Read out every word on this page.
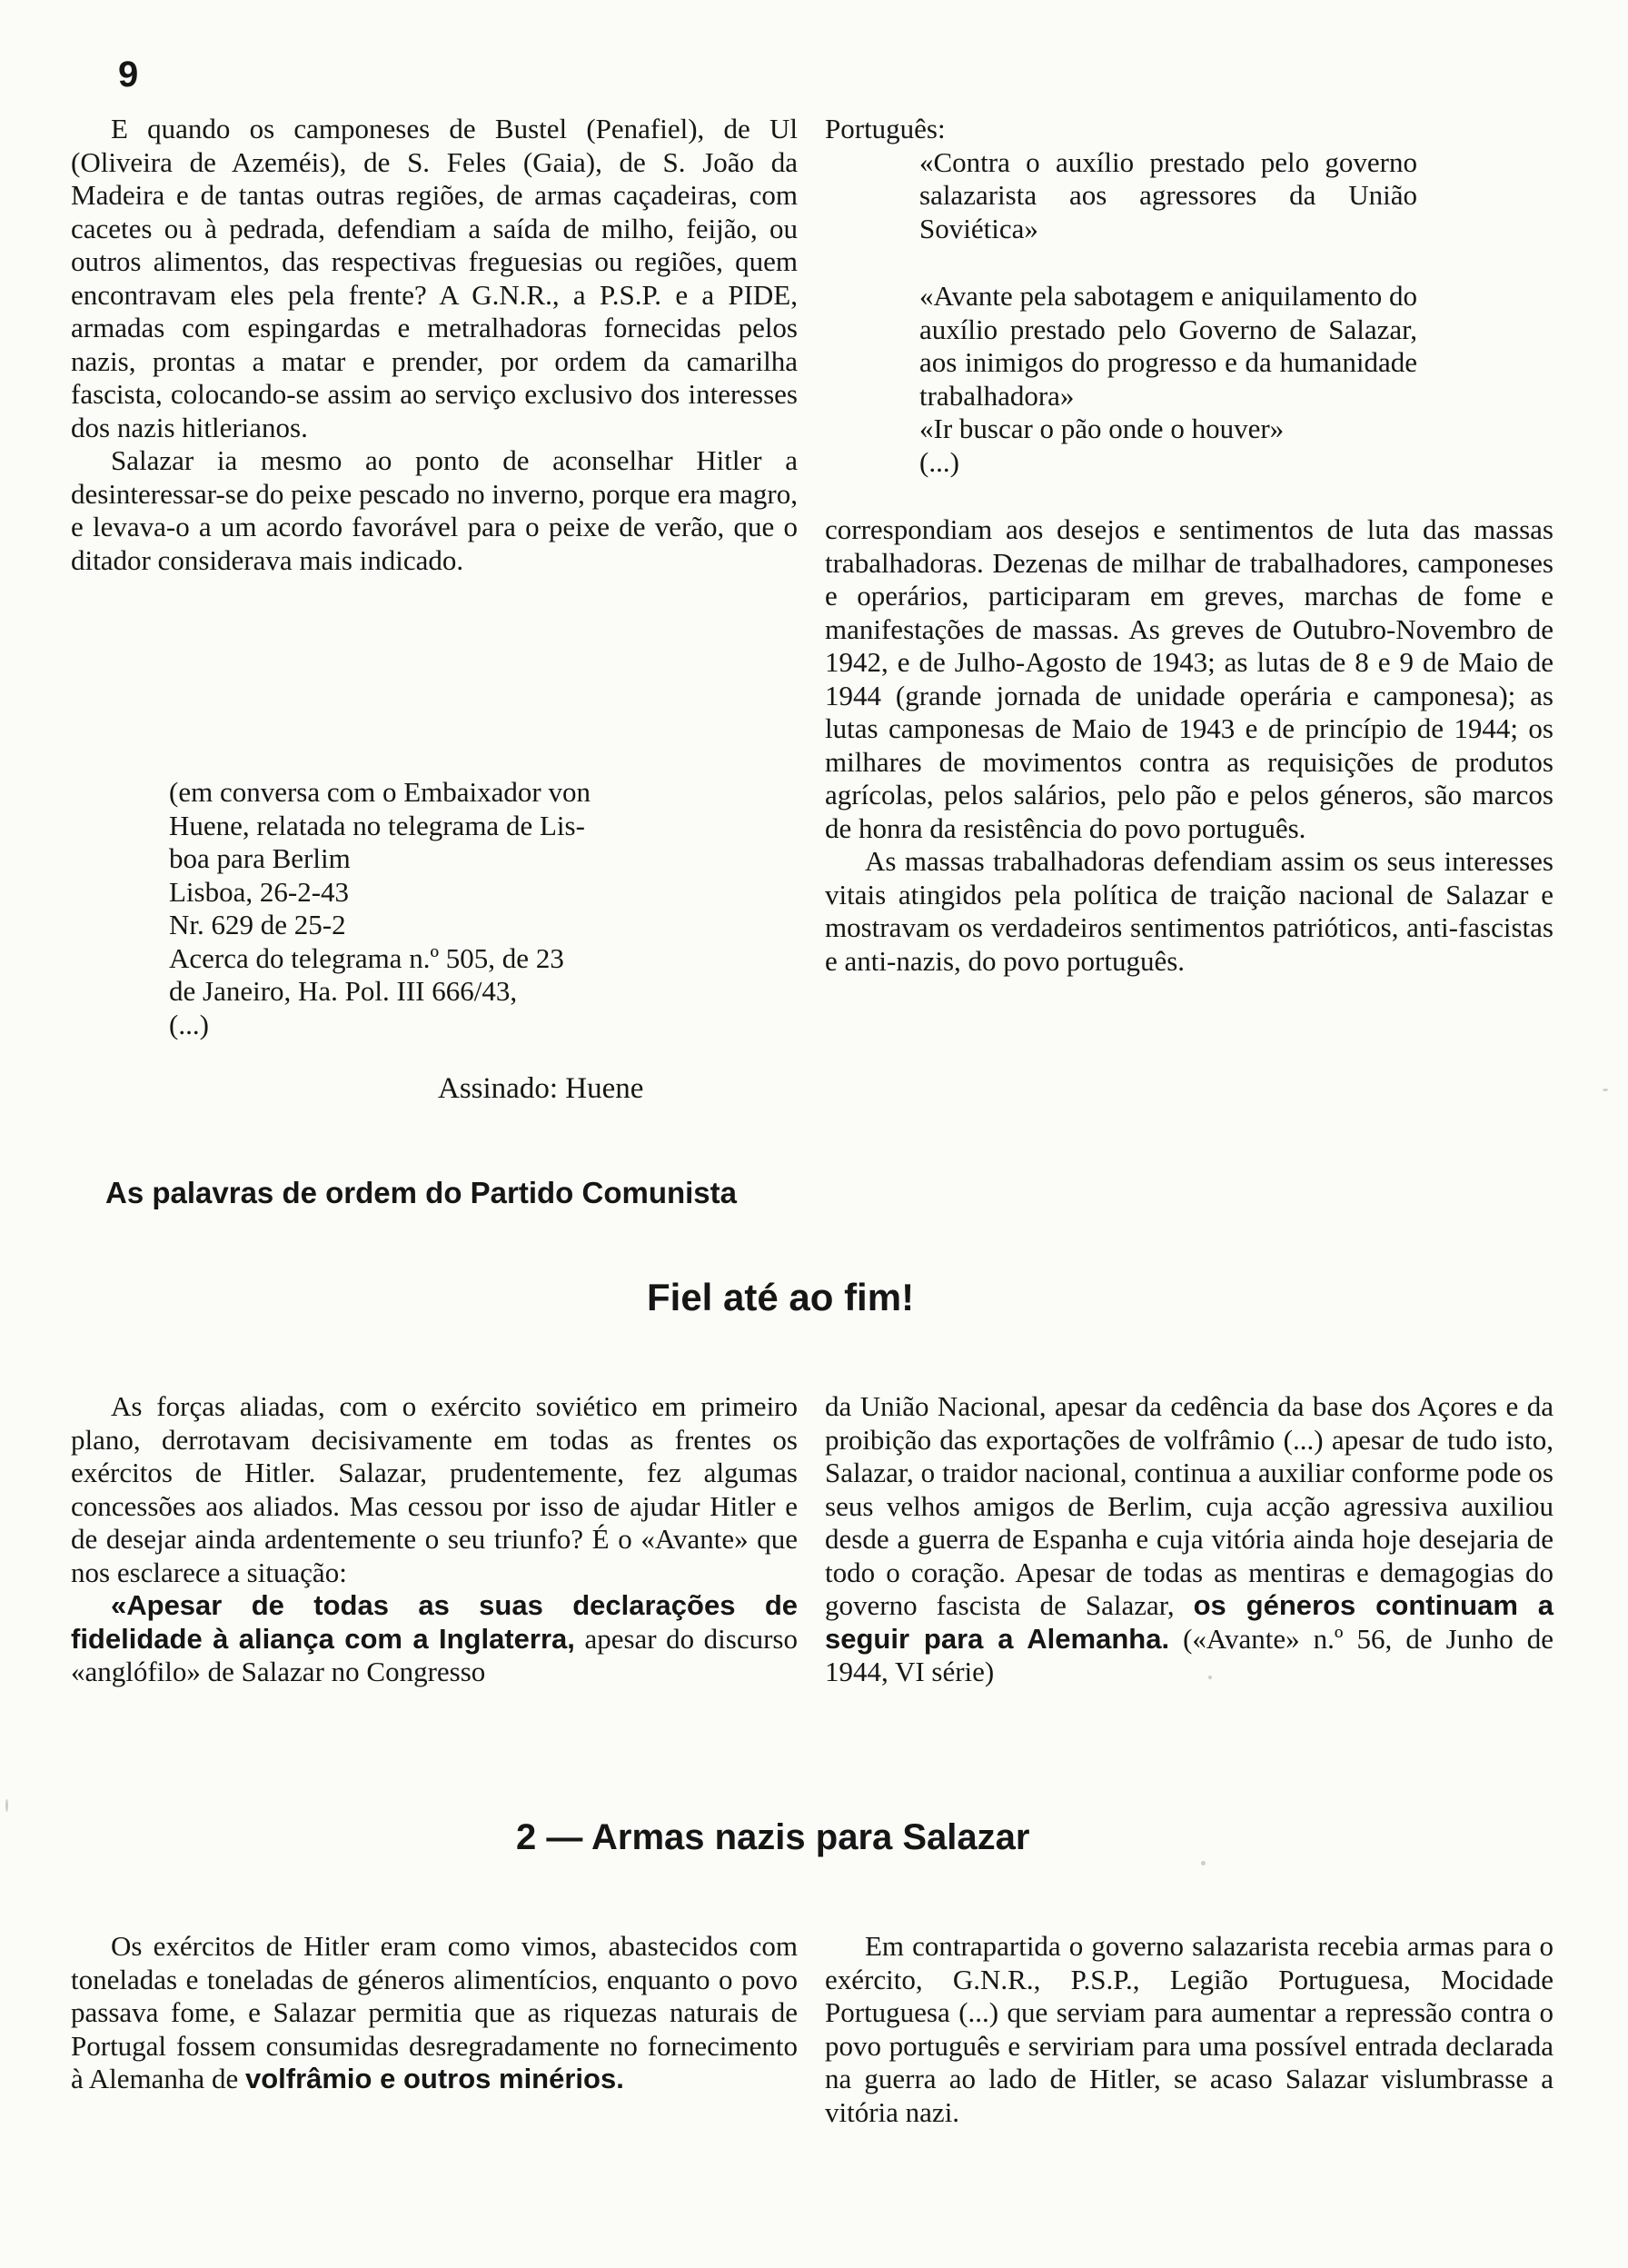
9

E quando os camponeses de Bustel (Penafiel), de Ul (Oliveira de Azeméis), de S. Feles (Gaia), de S. João da Madeira e de tantas outras regiões, de armas caçadeiras, com cacetes ou à pedrada, defendiam a saída de milho, feijão, ou outros alimentos, das respectivas freguesias ou regiões, quem encontravam eles pela frente? A G.N.R., a P.S.P. e a PIDE, armadas com espingardas e metralhadoras fornecidas pelos nazis, prontas a matar e prender, por ordem da camarilha fascista, colocando-se assim ao serviço exclusivo dos interesses dos nazis hitlerianos.

Salazar ia mesmo ao ponto de aconselhar Hitler a desinteressar-se do peixe pescado no inverno, porque era magro, e levava-o a um acordo favorável para o peixe de verão, que o ditador considerava mais indicado.

(em conversa com o Embaixador von
Huene, relatada no telegrama de Lis-
boa para Berlim
Lisboa, 26-2-43
Nr. 629 de 25-2
Acerca do telegrama n.º 505, de 23
de Janeiro, Ha. Pol. III 666/43,
(...)
Assinado: Huene
As palavras de ordem do Partido Comunista

Português:

«Contra o auxílio prestado pelo governo salazarista aos agressores da União Soviética»

«Avante pela sabotagem e aniquilamento do auxílio prestado pelo Governo de Salazar, aos inimigos do progresso e da humanidade trabalhadora»

«Ir buscar o pão onde o houver»

(...)

correspondiam aos desejos e sentimentos de luta das massas trabalhadoras. Dezenas de milhar de trabalhadores, camponeses e operários, participaram em greves, marchas de fome e manifestações de massas. As greves de Outubro-Novembro de 1942, e de Julho-Agosto de 1943; as lutas de 8 e 9 de Maio de 1944 (grande jornada de unidade operária e camponesa); as lutas camponesas de Maio de 1943 e de princípio de 1944; os milhares de movimentos contra as requisições de produtos agrícolas, pelos salários, pelo pão e pelos géneros, são marcos de honra da resistência do povo português.

As massas trabalhadoras defendiam assim os seus interesses vitais atingidos pela política de traição nacional de Salazar e mostravam os verdadeiros sentimentos patrióticos, anti-fascistas e anti-nazis, do povo português.

Fiel até ao fim!

As forças aliadas, com o exército soviético em primeiro plano, derrotavam decisivamente em todas as frentes os exércitos de Hitler. Salazar, prudentemente, fez algumas concessões aos aliados. Mas cessou por isso de ajudar Hitler e de desejar ainda ardentemente o seu triunfo? É o «Avante» que nos esclarece a situação:

«Apesar de todas as suas declarações de fidelidade à aliança com a Inglaterra, apesar do discurso «anglófilo» de Salazar no Congresso

da União Nacional, apesar da cedência da base dos Açores e da proibição das exportações de volfrâmio (...) apesar de tudo isto, Salazar, o traidor nacional, continua a auxiliar conforme pode os seus velhos amigos de Berlim, cuja acção agressiva auxiliou desde a guerra de Espanha e cuja vitória ainda hoje desejaria de todo o coração. Apesar de todas as mentiras e demagogias do governo fascista de Salazar, os géneros continuam a seguir para a Alemanha. («Avante» n.º 56, de Junho de 1944, VI série)

2 — Armas nazis para Salazar

Os exércitos de Hitler eram como vimos, abastecidos com toneladas e toneladas de géneros alimentícios, enquanto o povo passava fome, e Salazar permitia que as riquezas naturais de Portugal fossem consumidas desregradamente no fornecimento à Alemanha de volfrâmio e outros minérios.

Em contrapartida o governo salazarista recebia armas para o exército, G.N.R., P.S.P., Legião Portuguesa, Mocidade Portuguesa (...) que serviam para aumentar a repressão contra o povo português e serviriam para uma possível entrada declarada na guerra ao lado de Hitler, se acaso Salazar vislumbrasse a vitória nazi.
